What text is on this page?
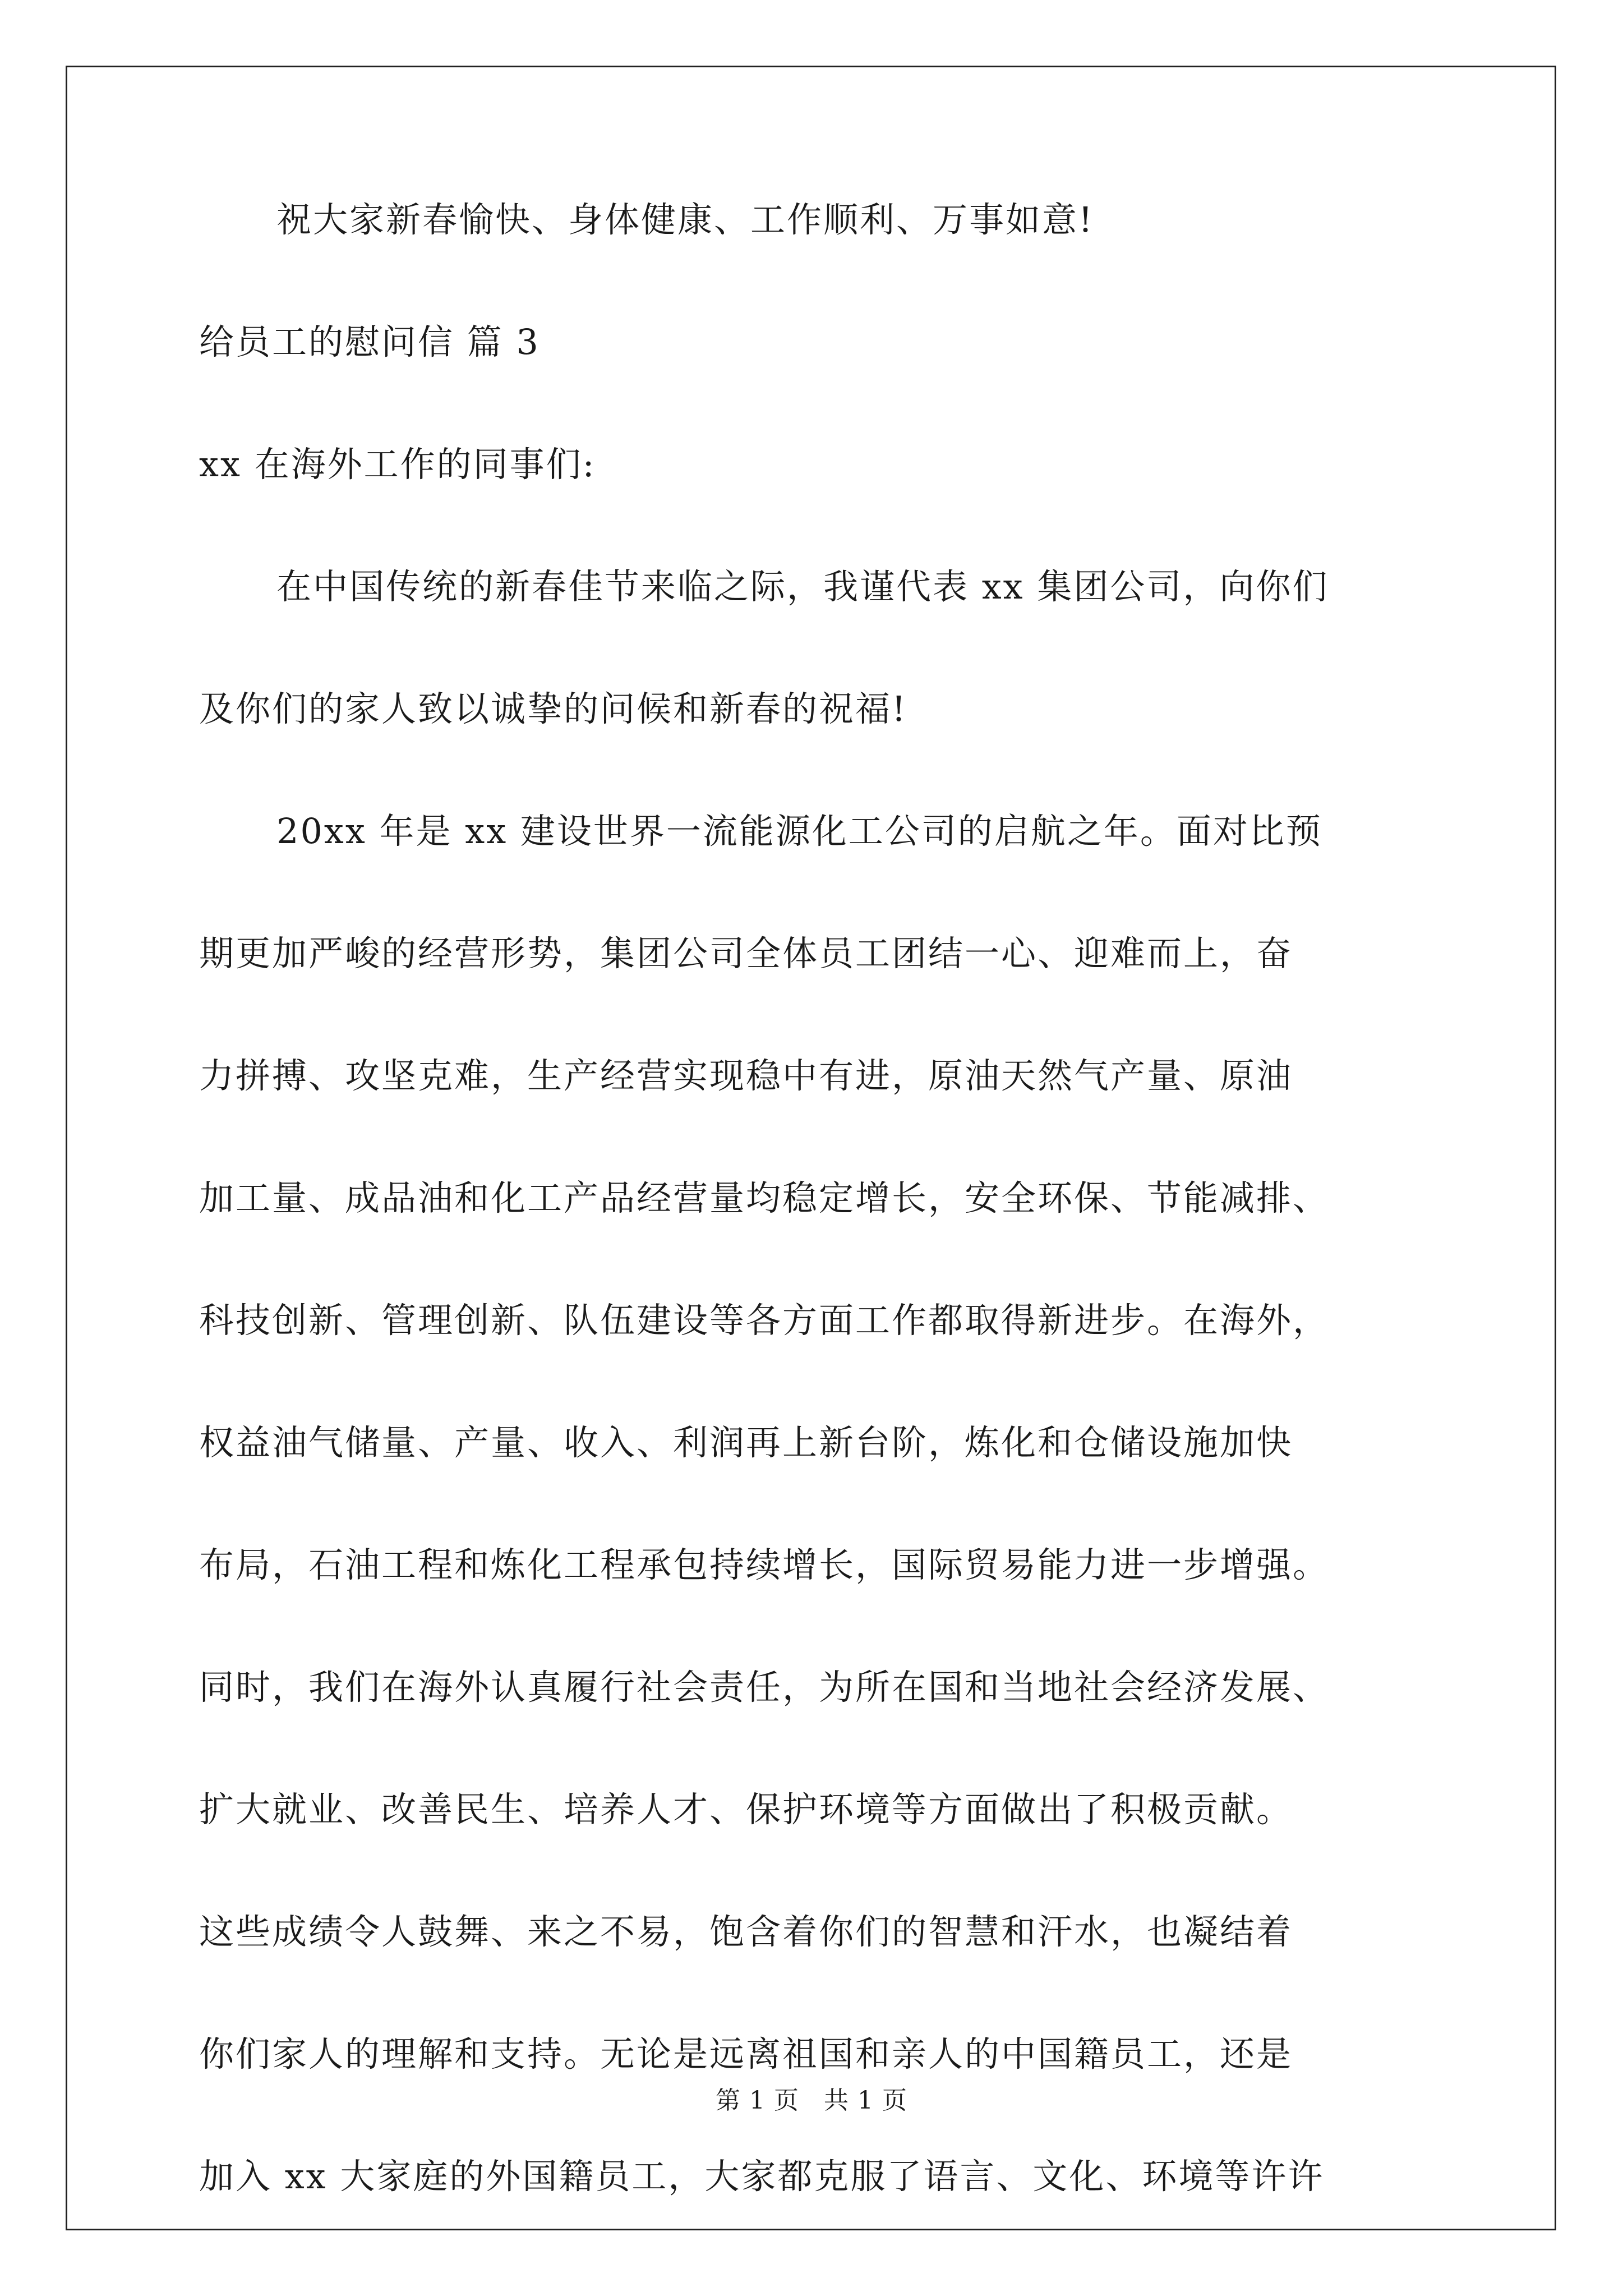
祝大家新春愉快、身体健康、工作顺利、万事如意!

给员工的慰问信 篇 3

xx 在海外工作的同事们:

在中国传统的新春佳节来临之际，我谨代表 xx 集团公司，向你们

及你们的家人致以诚挚的问候和新春的祝福!

20xx 年是 xx 建设世界一流能源化工公司的启航之年。面对比预

期更加严峻的经营形势，集团公司全体员工团结一心、迎难而上，奋

力拼搏、攻坚克难，生产经营实现稳中有进，原油天然气产量、原油

加工量、成品油和化工产品经营量均稳定增长，安全环保、节能减排、

科技创新、管理创新、队伍建设等各方面工作都取得新进步。在海外，

权益油气储量、产量、收入、利润再上新台阶，炼化和仓储设施加快

布局，石油工程和炼化工程承包持续增长，国际贸易能力进一步增强。

同时，我们在海外认真履行社会责任，为所在国和当地社会经济发展、

扩大就业、改善民生、培养人才、保护环境等方面做出了积极贡献。

这些成绩令人鼓舞、来之不易，饱含着你们的智慧和汗水，也凝结着

你们家人的理解和支持。无论是远离祖国和亲人的中国籍员工，还是

加入 xx 大家庭的外国籍员工，大家都克服了语言、文化、环境等许许

第 1 页 共 1 页
